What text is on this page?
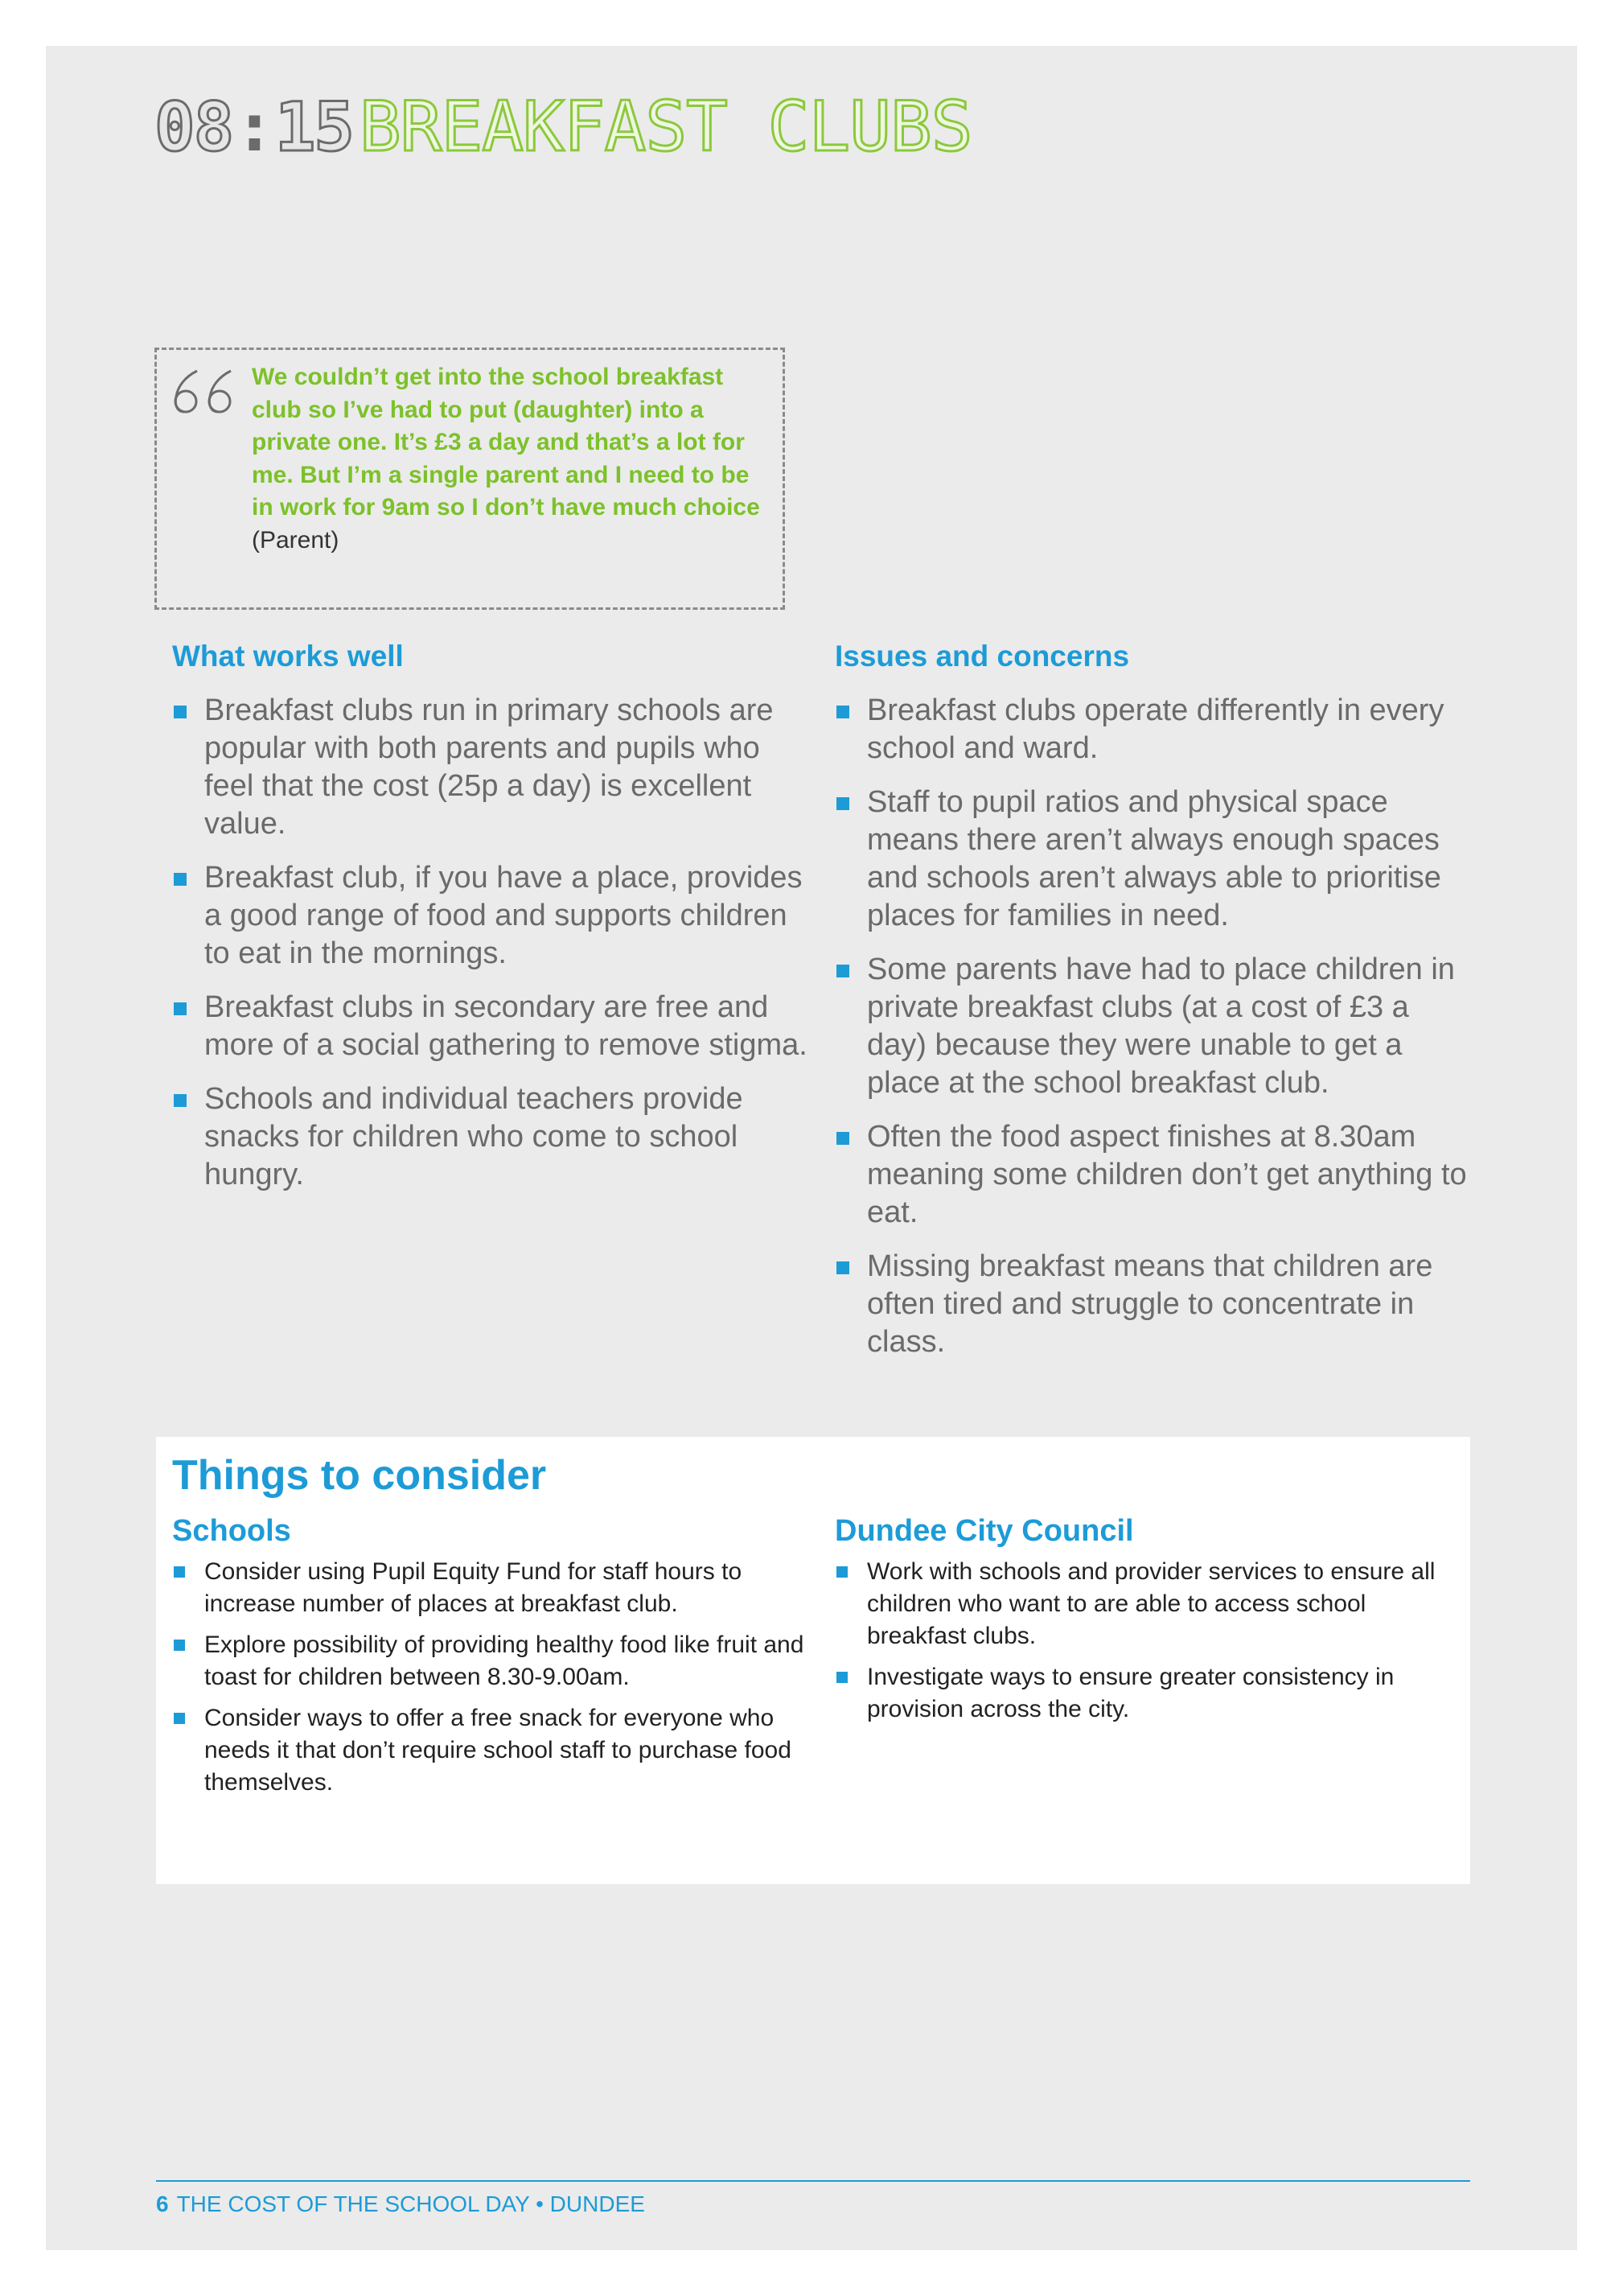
08:15 BREAKFAST CLUBS
We couldn’t get into the school breakfast club so I’ve had to put (daughter) into a private one. It’s £3 a day and that’s a lot for me. But I’m a single parent and I need to be in work for 9am so I don’t have much choice
(Parent)
What works well
Breakfast clubs run in primary schools are popular with both parents and pupils who feel that the cost (25p a day) is excellent value.
Breakfast club, if you have a place, provides a good range of food and supports children to eat in the mornings.
Breakfast clubs in secondary are free and more of a social gathering to remove stigma.
Schools and individual teachers provide snacks for children who come to school hungry.
Issues and concerns
Breakfast clubs operate differently in every school and ward.
Staff to pupil ratios and physical space means there aren’t always enough spaces and schools aren’t always able to prioritise places for families in need.
Some parents have had to place children in private breakfast clubs (at a cost of £3 a day) because they were unable to get a place at the school breakfast club.
Often the food aspect finishes at 8.30am meaning some children don’t get anything to eat.
Missing breakfast means that children are often tired and struggle to concentrate in class.
Things to consider
Schools
Consider using Pupil Equity Fund for staff hours to increase number of places at breakfast club.
Explore possibility of providing healthy food like fruit and toast for children between 8.30-9.00am.
Consider ways to offer a free snack for everyone who needs it that don’t require school staff to purchase food themselves.
Dundee City Council
Work with schools and provider services to ensure all children who want to are able to access school breakfast clubs.
Investigate ways to ensure greater consistency in provision across the city.
6 THE COST OF THE SCHOOL DAY • DUNDEE
